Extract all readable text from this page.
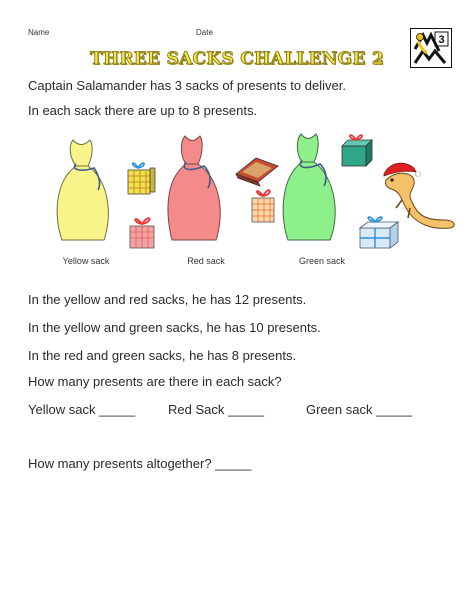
Name	Date
3
THREE SACKS CHALLENGE 2
Captain Salamander has 3 sacks of presents to deliver.
In each sack there are up to 8 presents.
Yellow sack	Red sack	Green sack
In the yellow and red sacks, he has 12 presents.
In the yellow and green sacks, he has 10 presents.
In the red and green sacks, he has 8 presents.
How many presents are there in each sack?
Yellow sack _____	Red Sack _____	Green sack _____
How many presents altogether? _____
